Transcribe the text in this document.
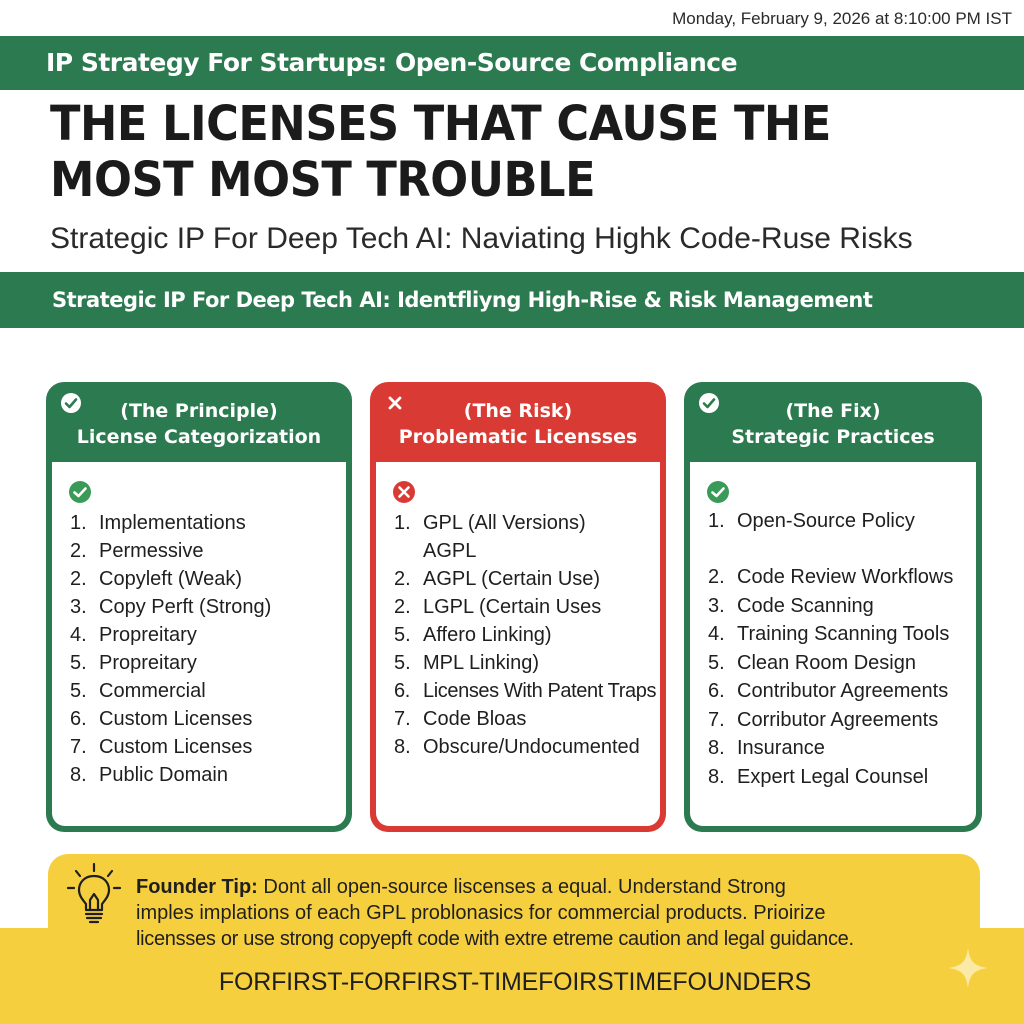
Monday, February 9, 2026 at 8:10:00 PM IST
IP Strategy For Startups: Open-Source Compliance
THE LICENSES THAT CAUSE THE
MOST MOST TROUBLE
Strategic IP For Deep Tech AI: Naviating Highk Code-Ruse Risks
Strategic IP For Deep Tech AI: Identfliyng High-Rise & Risk Management
(The Principle)
License Categorization
1. Implementations
2. Permessive
2. Copyleft (Weak)
3. Copy Perft (Strong)
4. Propreitary
5. Propreitary
5. Commercial
6. Custom Licenses
7. Custom Licenses
8. Public Domain
(The Risk)
Problematic Licensses
1. GPL (All Versions)
AGPL
2. AGPL (Certain Use)
2. LGPL (Certain Uses
5. Affero Linking)
5. MPL Linking)
6. Licenses With Patent Traps
7. Code Bloas
8. Obscure/Undocumented
(The Fix)
Strategic Practices
1. Open-Source Policy
2. Code Review Workflows
3. Code Scanning
4. Training Scanning Tools
5. Clean Room Design
6. Contributor Agreements
7. Corributor Agreements
8. Insurance
8. Expert Legal Counsel
Founder Tip: Dont all open-source liscenses a equal. Understand Strong
imples implations of each GPL problonasics for commercial products. Prioirize
licensses or use strong copyepft code with extre etreme caution and legal guidance.
FORFIRST-FORFIRST-TIMEFOIRSTIMEFOUNDERS
